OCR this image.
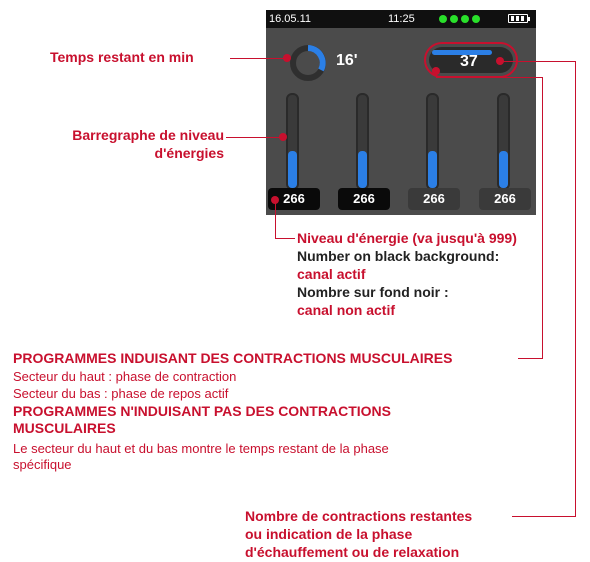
16.05.11	11:25
16'	37
266	266	266	266
Temps restant en min
Barregraphe de niveau
d'énergies
Niveau d'énergie (va jusqu'à 999)
Number on black background:
canal actif
Nombre sur fond noir :
canal non actif
PROGRAMMES INDUISANT DES CONTRACTIONS MUSCULAIRES
Secteur du haut : phase de contraction
Secteur du bas : phase de repos actif
PROGRAMMES N'INDUISANT PAS DES CONTRACTIONS
MUSCULAIRES
Le secteur du haut et du bas montre le temps restant de la phase
spécifique
Nombre de contractions restantes
ou indication de la phase
d'échauffement ou de relaxation
